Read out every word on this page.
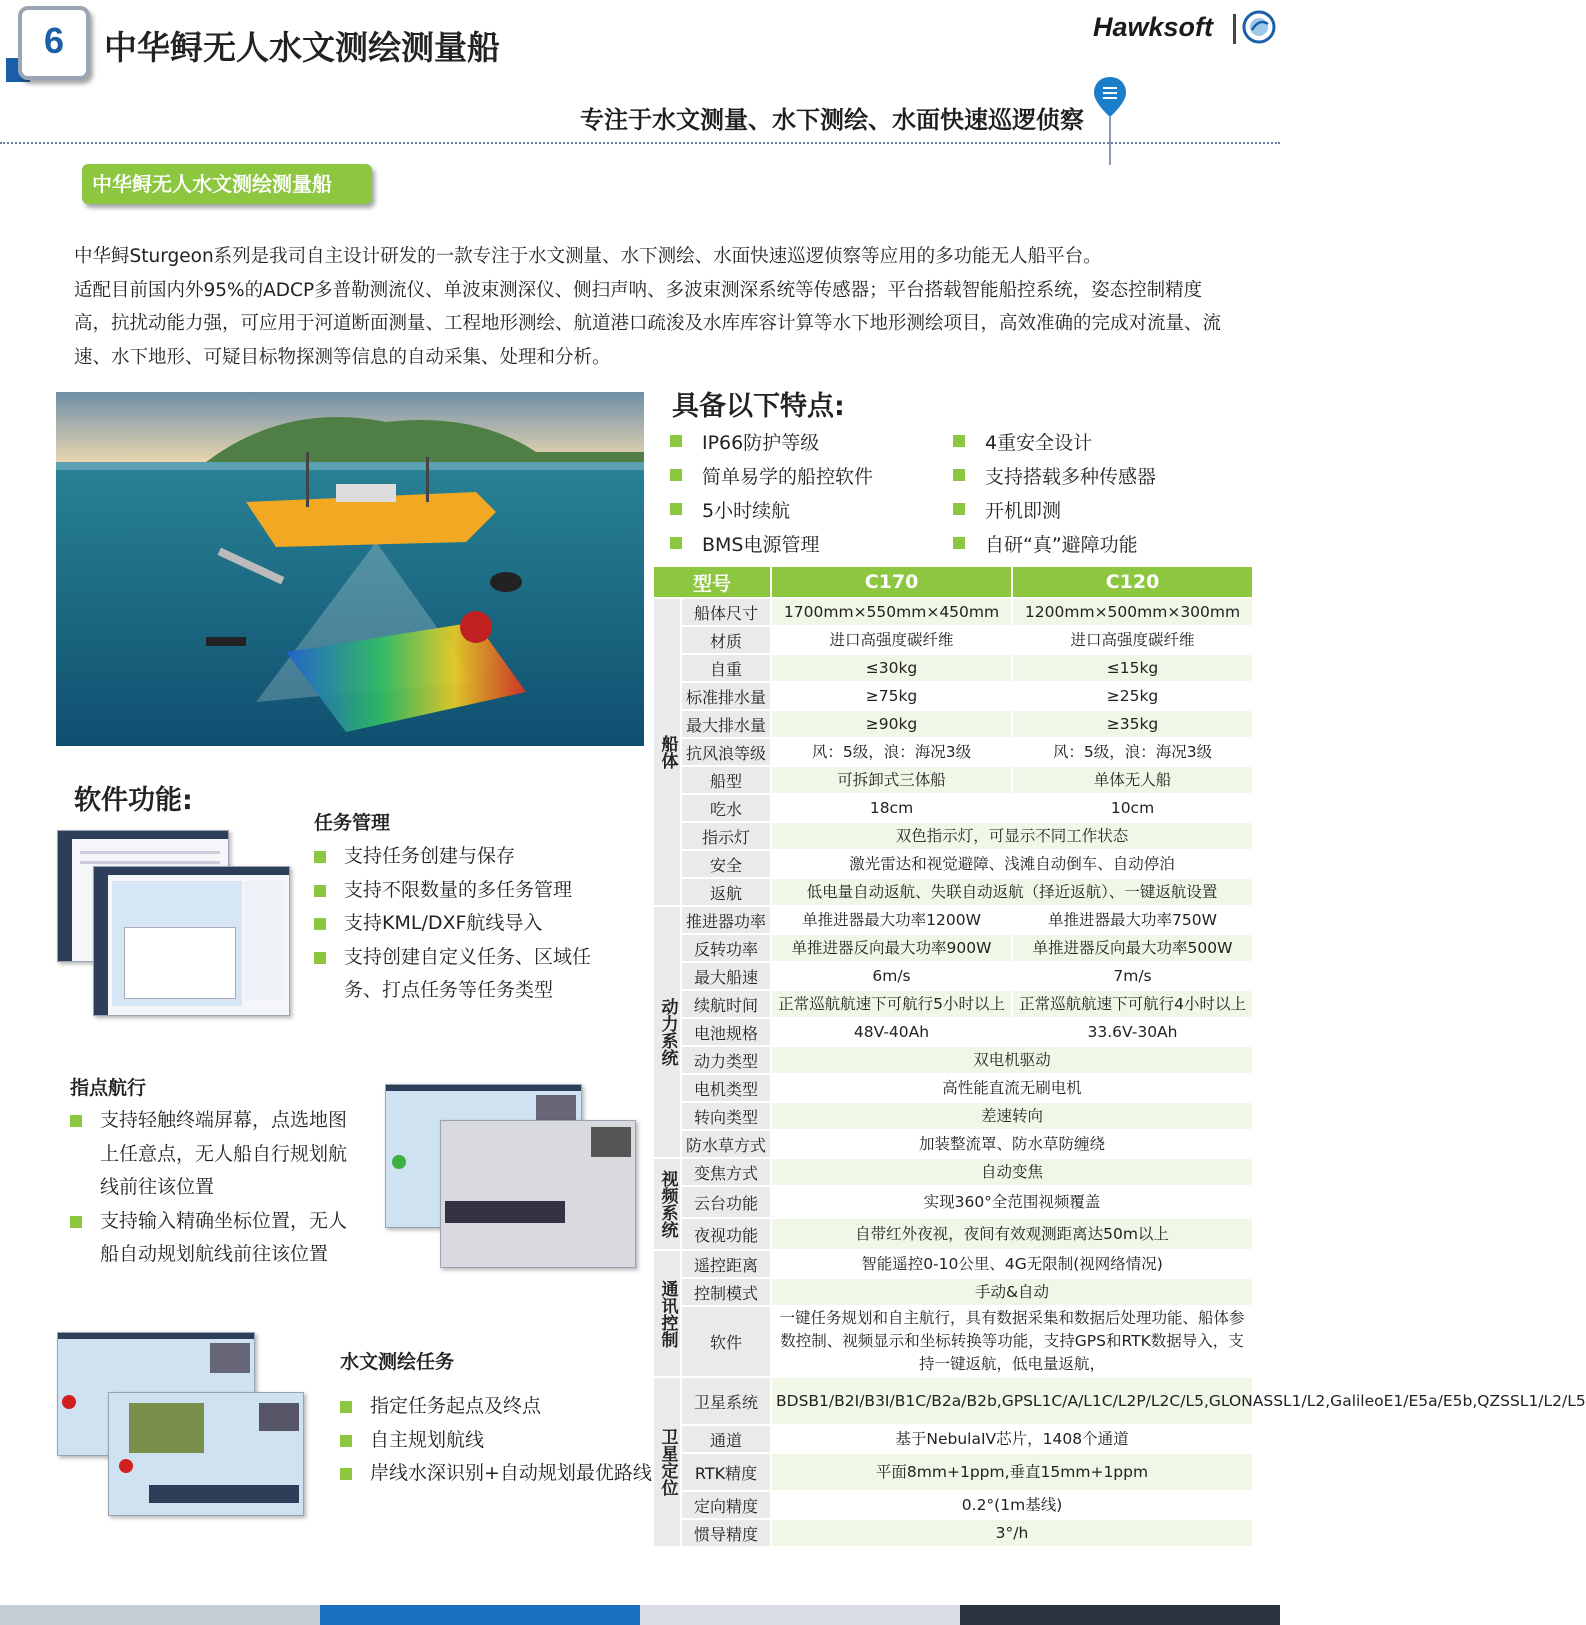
6	中华鲟无人水文测绘测量船
Hawksoft
专注于水文测量、水下测绘、水面快速巡逻侦察
中华鲟无人水文测绘测量船

中华鲟Sturgeon系列是我司自主设计研发的一款专注于水文测量、水下测绘、水面快速巡逻侦察等应用的多功能无人船平台。

适配目前国内外95%的ADCP多普勒测流仪、单波束测深仪、侧扫声呐、多波束测深系统等传感器；平台搭载智能船控系统，姿态控制精度高，抗扰动能力强，可应用于河道断面测量、工程地形测绘、航道港口疏浚及水库库容计算等水下地形测绘项目，高效准确的完成对流量、流速、水下地形、可疑目标物探测等信息的自动采集、处理和分析。

具备以下特点:
IP66防护等级
简单易学的船控软件
5小时续航
BMS电源管理
4重安全设计
支持搭载多种传感器
开机即测
自研“真”避障功能
型号		C170	C120
船体	船体尺寸	1700mm×550mm×450mm	1200mm×500mm×300mm
	材质	进口高强度碳纤维	进口高强度碳纤维
	自重	≤30kg	≤15kg
	标准排水量	≥75kg	≥25kg
	最大排水量	≥90kg	≥35kg
	抗风浪等级	风：5级，浪：海况3级	风：5级，浪：海况3级
	船型	可拆卸式三体船	单体无人船
	吃水	18cm	10cm
	指示灯	双色指示灯，可显示不同工作状态	
	安全	激光雷达和视觉避障、浅滩自动倒车、自动停泊	
	返航	低电量自动返航、失联自动返航（择近返航）、一键返航设置	
动力系统	推进器功率	单推进器最大功率1200W	单推进器最大功率750W
	反转功率	单推进器反向最大功率900W	单推进器反向最大功率500W
	最大船速	6m/s	7m/s
	续航时间	正常巡航航速下可航行5小时以上	正常巡航航速下可航行4小时以上
	电池规格	48V-40Ah	33.6V-30Ah
	动力类型	双电机驱动	
	电机类型	高性能直流无刷电机	
	转向类型	差速转向	
	防水草方式	加装整流罩、防水草防缠绕	
视频系统	变焦方式	自动变焦	
	云台功能	实现360°全范围视频覆盖	
	夜视功能	自带红外夜视，夜间有效观测距离达50m以上	
通讯控制	遥控距离	智能遥控0-10公里、4G无限制(视网络情况)	
	控制模式	手动&自动	
	软件	一键任务规划和自主航行，具有数据采集和数据后处理功能、船体参数控制、视频显示和坐标转换等功能，支持GPS和RTK数据导入，支持一键返航，低电量返航，	
卫星定位	卫星系统	BDSB1/B2I/B3I/B1C/B2a/B2b,GPSL1C/A/L1C/L2P/L2C/L5,GLONASSL1/L2,GalileoE1/E5a/E5b,QZSSL1/L2/L5	
	通道	基于NebulaIV芯片，1408个通道	
	RTK精度	平面8mm+1ppm,垂直15mm+1ppm	
	定向精度	0.2°(1m基线)	
	惯导精度	3°/h	
软件功能:
任务管理
支持任务创建与保存
支持不限数量的多任务管理
支持KML/DXF航线导入
支持创建自定义任务、区域任务、打点任务等任务类型
指点航行
支持轻触终端屏幕，点选地图上任意点，无人船自行规划航线前往该位置
支持输入精确坐标位置，无人船自动规划航线前往该位置
水文测绘任务
指定任务起点及终点
自主规划航线
岸线水深识别+自动规划最优路线
